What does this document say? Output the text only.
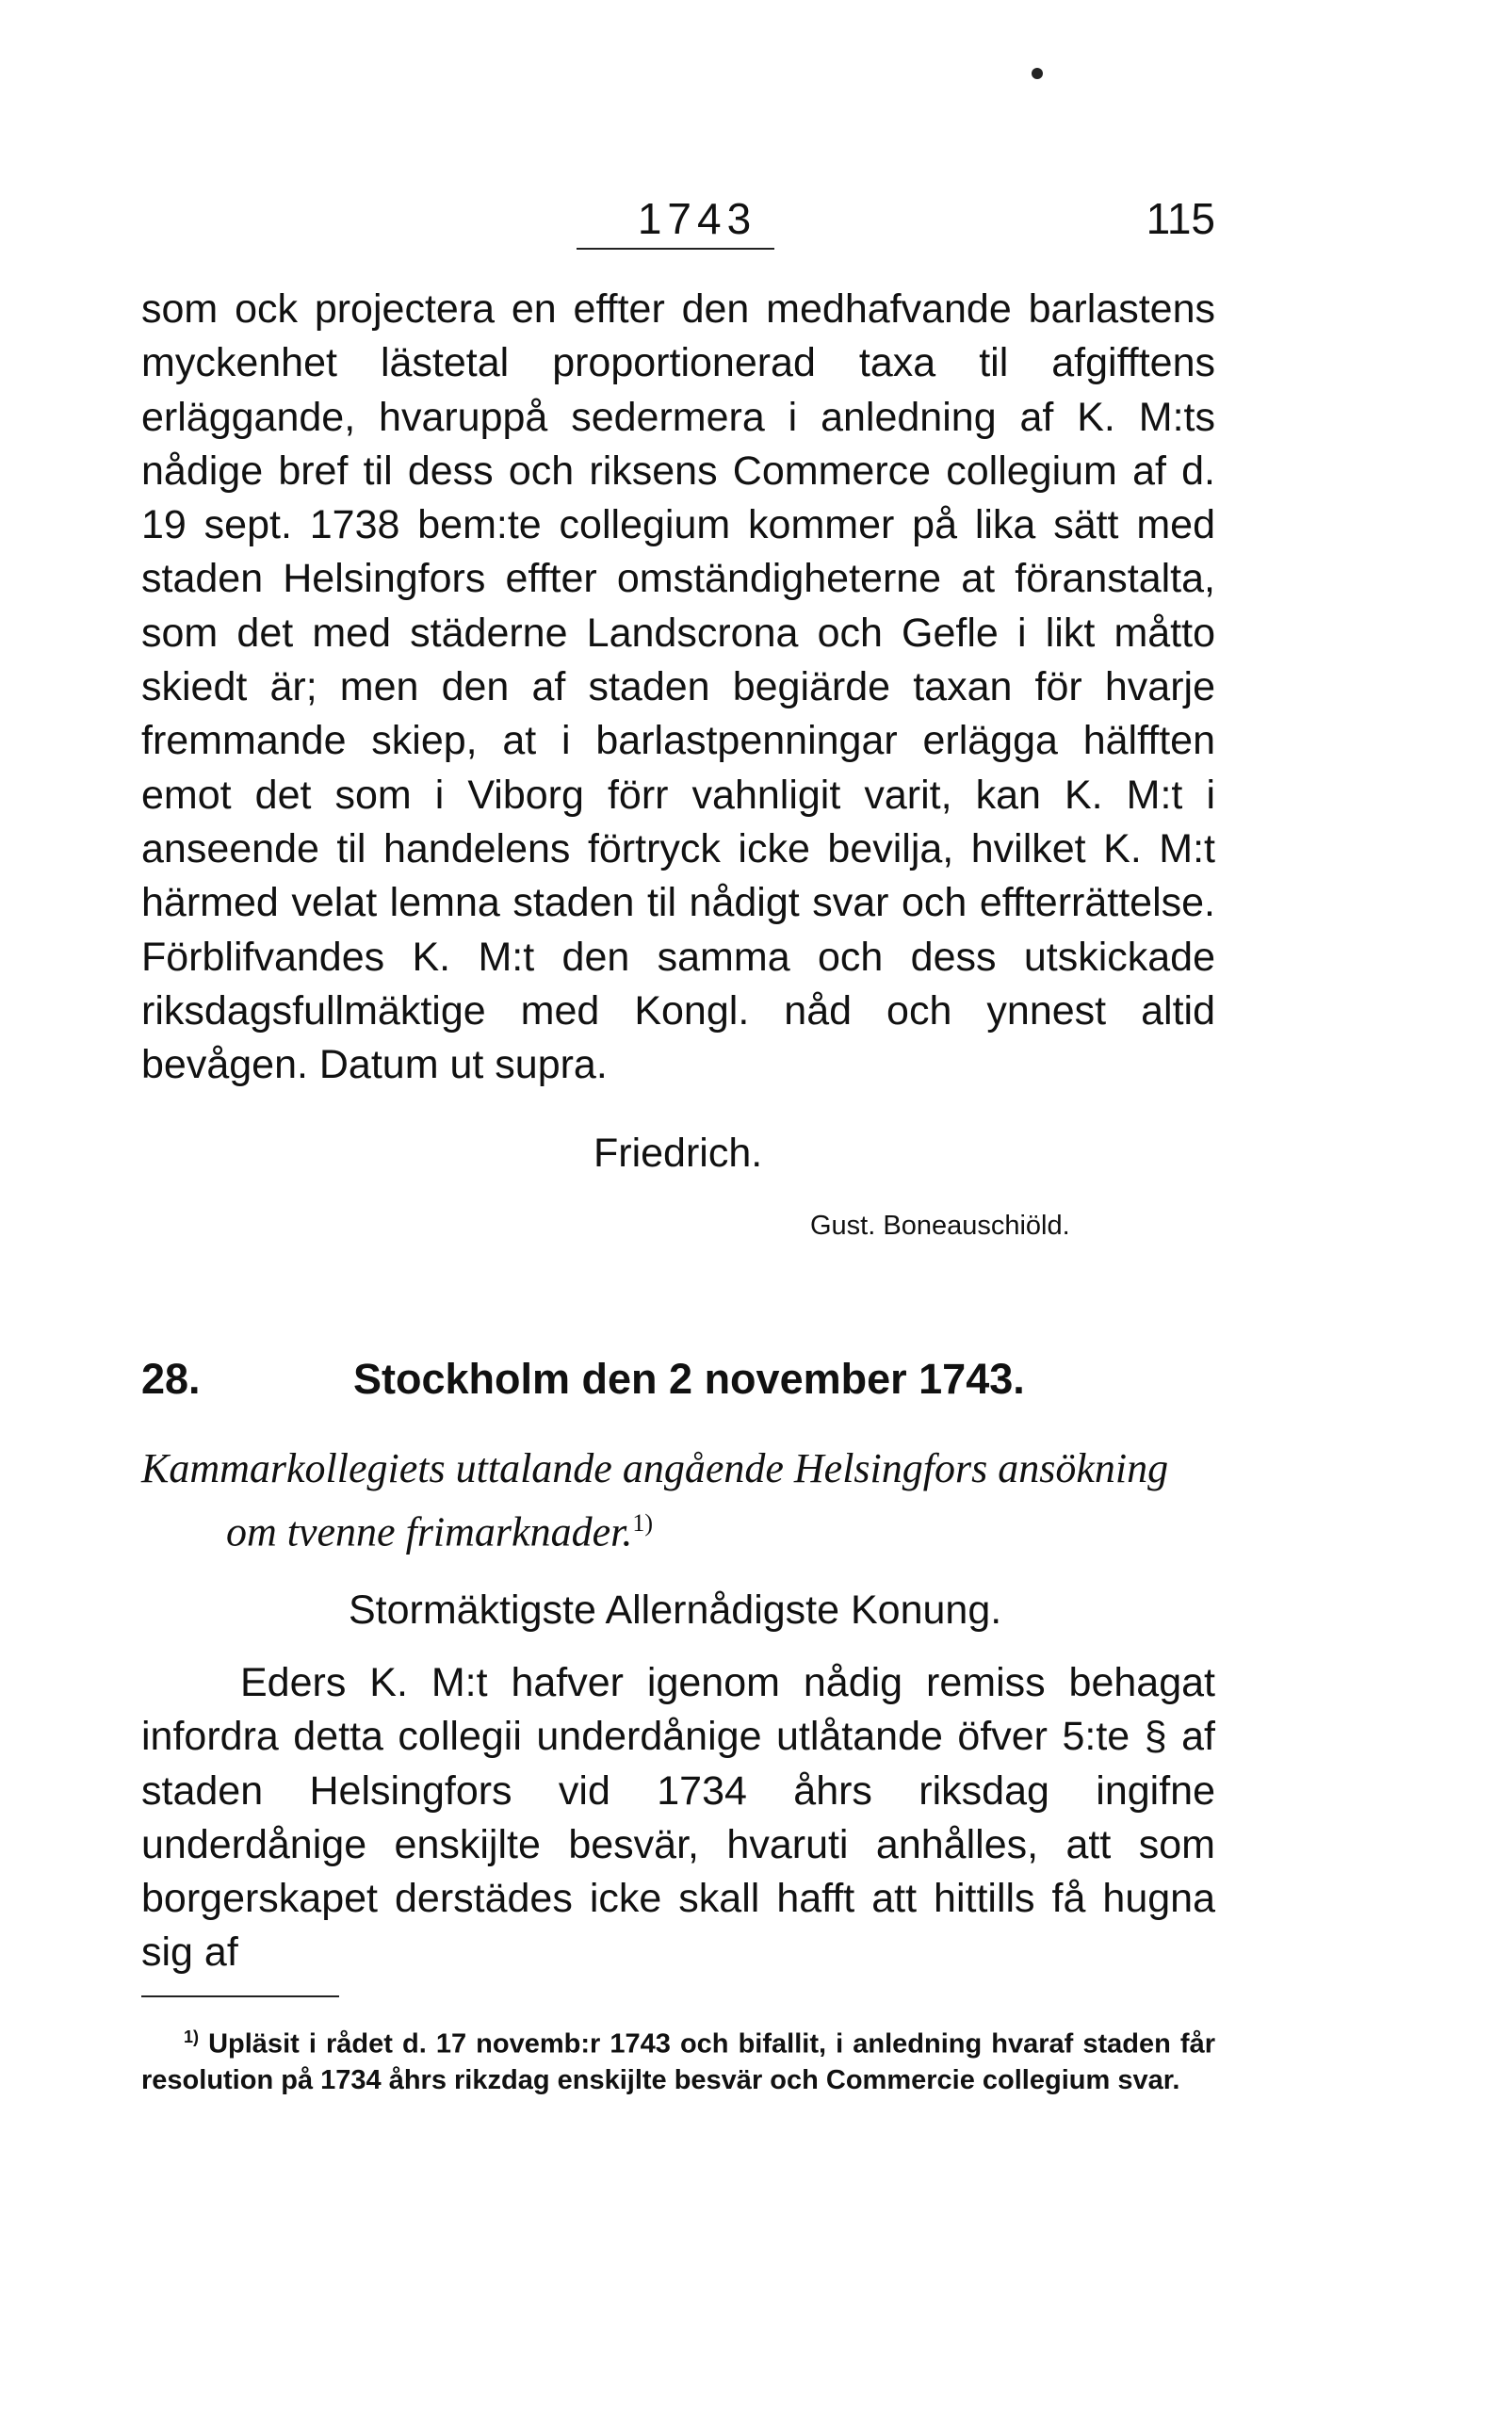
1743	115

som ock projectera en effter den medhafvande barlastens myckenhet lästetal proportionerad taxa til afgifftens erläggande, hvaruppå sedermera i anledning af K. M:ts nådige bref til dess och riksens Commerce collegium af d. 19 sept. 1738 bem:te collegium kommer på lika sätt med staden Helsingfors effter omständigheterne at föranstalta, som det med städerne Landscrona och Gefle i likt måtto skiedt är; men den af staden begiärde taxan för hvarje fremmande skiep, at i barlastpenningar erlägga hälfften emot det som i Viborg förr vahnligit varit, kan K. M:t i anseende til handelens förtryck icke bevilja, hvilket K. M:t härmed velat lemna staden til nådigt svar och effterrättelse. Förblifvandes K. M:t den samma och dess utskickade riksdagsfullmäktige med Kongl. nåd och ynnest altid bevågen. Datum ut supra.

Friedrich.
Gust. Boneauschiöld.
28.	Stockholm den 2 november 1743.
Kammarkollegiets uttalande angående Helsingfors ansökning om tvenne frimarknader.$^{1)}$
Stormäktigste Allernådigste Konung.

Eders K. M:t hafver igenom nådig remiss behagat infordra detta collegii underdånige utlåtande öfver 5:te § af staden Helsingfors vid 1734 åhrs riksdag ingifne underdånige enskijlte besvär, hvaruti anhålles, att som borgerskapet derstädes icke skall hafft att hittills få hugna sig af

$^{1)}$ Upläsit i rådet d. 17 novemb:r 1743 och bifallit, i anledning hvaraf staden får resolution på 1734 åhrs rikzdag enskijlte besvär och Commercie collegium svar.
